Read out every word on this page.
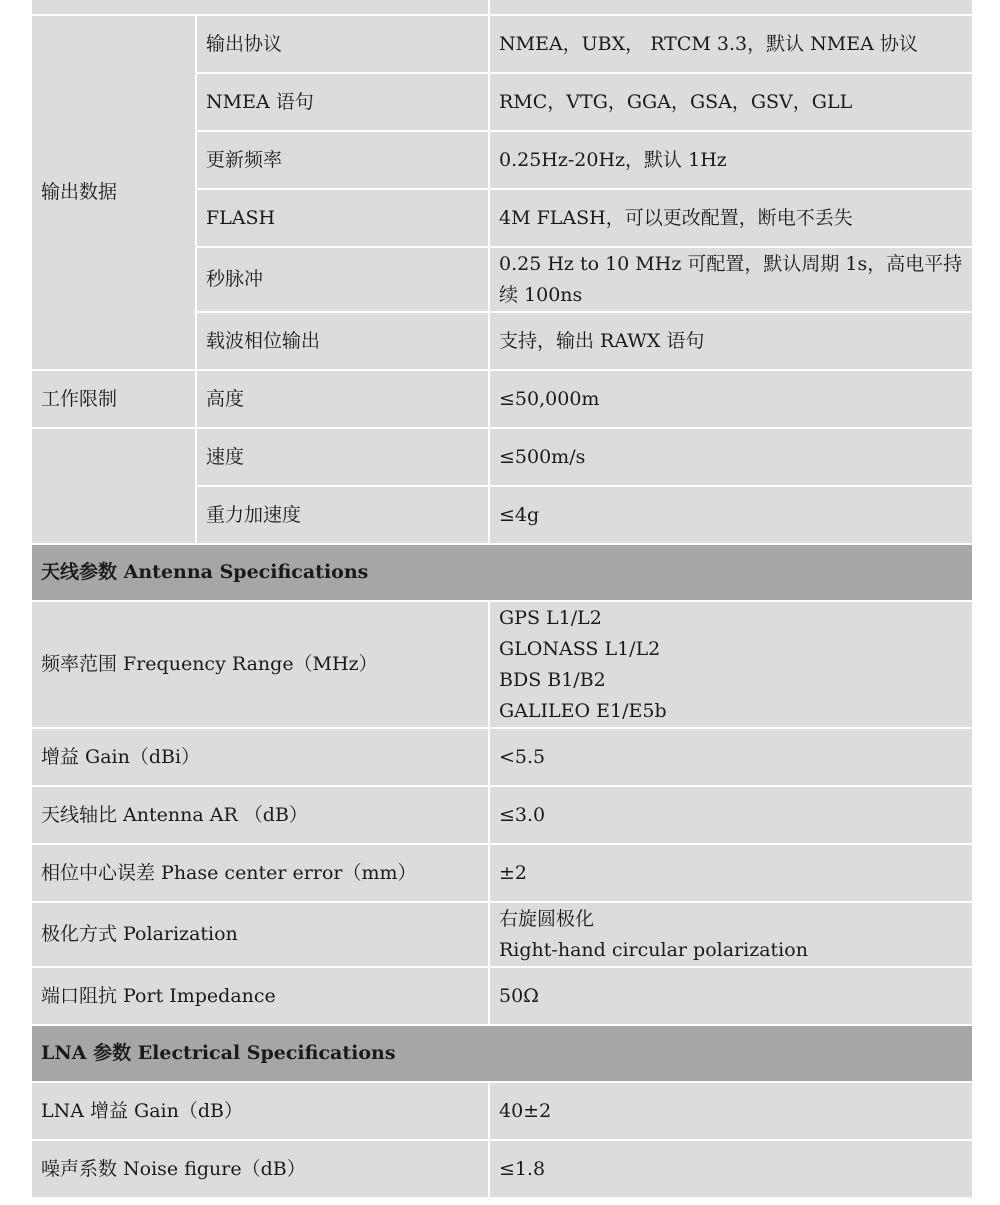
输出数据	输出协议	NMEA，UBX， RTCM 3.3，默认 NMEA 协议
	NMEA 语句	RMC，VTG，GGA，GSA，GSV，GLL
	更新频率	0.25Hz-20Hz，默认 1Hz
	FLASH	4M FLASH，可以更改配置，断电不丢失
	秒脉冲	0.25 Hz to 10 MHz 可配置，默认周期 1s，高电平持续 100ns
	载波相位输出	支持，输出 RAWX 语句
工作限制	高度	≤50,000m
	速度	≤500m/s
	重力加速度	≤4g
天线参数 Antenna Specifications		
频率范围 Frequency Range（MHz）		GPS L1/L2
GLONASS L1/L2
BDS B1/B2
GALILEO E1/E5b

增益 Gain（dBi）		<5.5
天线轴比 Antenna AR （dB）		≤3.0
相位中心误差 Phase center error（mm）		±2
极化方式 Polarization		右旋圆极化
Right-hand circular polarization

端口阻抗 Port Impedance		50Ω
LNA 参数 Electrical Specifications		
LNA 增益 Gain（dB）		40±2
噪声系数 Noise figure（dB）		≤1.8
